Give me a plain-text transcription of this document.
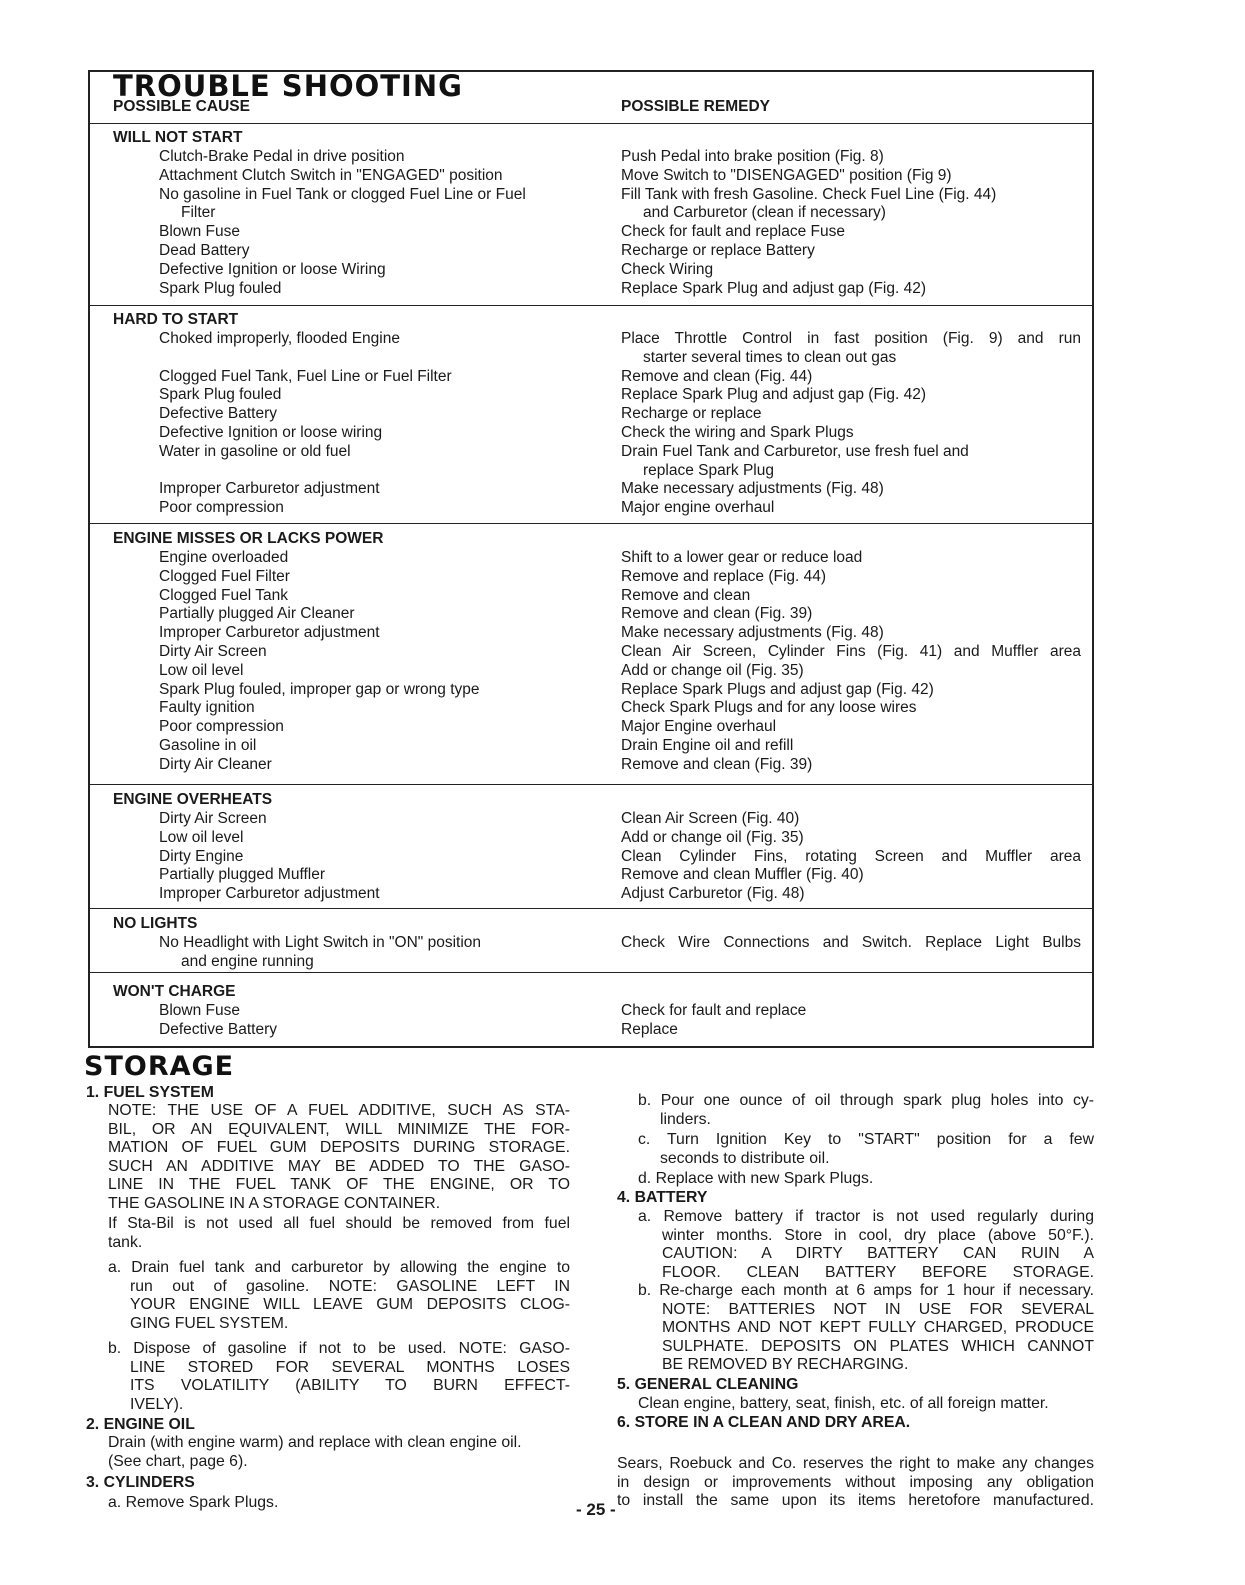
TROUBLE SHOOTING
POSSIBLE CAUSE	POSSIBLE REMEDY
WILL NOT START
Clutch-Brake Pedal in drive position
Attachment Clutch Switch in "ENGAGED" position
No gasoline in Fuel Tank or clogged Fuel Line or Fuel
Filter
Blown Fuse
Dead Battery
Defective Ignition or loose Wiring
Spark Plug fouled
Push Pedal into brake position (Fig. 8)
Move Switch to "DISENGAGED" position (Fig 9)
Fill Tank with fresh Gasoline. Check Fuel Line (Fig. 44)
and Carburetor (clean if necessary)
Check for fault and replace Fuse
Recharge or replace Battery
Check Wiring
Replace Spark Plug and adjust gap (Fig. 42)
HARD TO START
Choked improperly, flooded Engine

Clogged Fuel Tank, Fuel Line or Fuel Filter
Spark Plug fouled
Defective Battery
Defective Ignition or loose wiring
Water in gasoline or old fuel

Improper Carburetor adjustment
Poor compression
Place Throttle Control in fast position (Fig. 9) and run
starter several times to clean out gas
Remove and clean (Fig. 44)
Replace Spark Plug and adjust gap (Fig. 42)
Recharge or replace
Check the wiring and Spark Plugs
Drain Fuel Tank and Carburetor, use fresh fuel and
replace Spark Plug
Make necessary adjustments (Fig. 48)
Major engine overhaul
ENGINE MISSES OR LACKS POWER
Engine overloaded
Clogged Fuel Filter
Clogged Fuel Tank
Partially plugged Air Cleaner
Improper Carburetor adjustment
Dirty Air Screen
Low oil level
Spark Plug fouled, improper gap or wrong type
Faulty ignition
Poor compression
Gasoline in oil
Dirty Air Cleaner
Shift to a lower gear or reduce load
Remove and replace (Fig. 44)
Remove and clean
Remove and clean (Fig. 39)
Make necessary adjustments (Fig. 48)
Clean Air Screen, Cylinder Fins (Fig. 41) and Muffler area
Add or change oil (Fig. 35)
Replace Spark Plugs and adjust gap (Fig. 42)
Check Spark Plugs and for any loose wires
Major Engine overhaul
Drain Engine oil and refill
Remove and clean (Fig. 39)
ENGINE OVERHEATS
Dirty Air Screen
Low oil level
Dirty Engine
Partially plugged Muffler
Improper Carburetor adjustment
Clean Air Screen (Fig. 40)
Add or change oil (Fig. 35)
Clean Cylinder Fins, rotating Screen and Muffler area
Remove and clean Muffler (Fig. 40)
Adjust Carburetor (Fig. 48)
NO LIGHTS
No Headlight with Light Switch in "ON" position
and engine running
Check Wire Connections and Switch. Replace Light Bulbs
WON'T CHARGE
Blown Fuse
Defective Battery
Check for fault and replace
Replace
STORAGE
1. FUEL SYSTEM
NOTE: THE USE OF A FUEL ADDITIVE, SUCH AS STA-
BIL, OR AN EQUIVALENT, WILL MINIMIZE THE FOR-
MATION OF FUEL GUM DEPOSITS DURING STORAGE.
SUCH AN ADDITIVE MAY BE ADDED TO THE GASO-
LINE IN THE FUEL TANK OF THE ENGINE, OR TO
THE GASOLINE IN A STORAGE CONTAINER.
If Sta-Bil is not used all fuel should be removed from fuel
tank.
a. Drain fuel tank and carburetor by allowing the engine to
run out of gasoline. NOTE: GASOLINE LEFT IN
YOUR ENGINE WILL LEAVE GUM DEPOSITS CLOG-
GING FUEL SYSTEM.
b. Dispose of gasoline if not to be used. NOTE: GASO-
LINE STORED FOR SEVERAL MONTHS LOSES
ITS VOLATILITY (ABILITY TO BURN EFFECT-
IVELY).
2. ENGINE OIL
Drain (with engine warm) and replace with clean engine oil.
(See chart, page 6).
3. CYLINDERS
a. Remove Spark Plugs.
b. Pour one ounce of oil through spark plug holes into cy-
linders.
c. Turn Ignition Key to "START" position for a few
seconds to distribute oil.
d. Replace with new Spark Plugs.
4. BATTERY
a. Remove battery if tractor is not used regularly during
winter months. Store in cool, dry place (above 50°F.).
CAUTION: A DIRTY BATTERY CAN RUIN A
FLOOR. CLEAN BATTERY BEFORE STORAGE.
b. Re-charge each month at 6 amps for 1 hour if necessary.
NOTE: BATTERIES NOT IN USE FOR SEVERAL
MONTHS AND NOT KEPT FULLY CHARGED, PRODUCE
SULPHATE. DEPOSITS ON PLATES WHICH CANNOT
BE REMOVED BY RECHARGING.
5. GENERAL CLEANING
Clean engine, battery, seat, finish, etc. of all foreign matter.
6. STORE IN A CLEAN AND DRY AREA.
Sears, Roebuck and Co. reserves the right to make any changes
in design or improvements without imposing any obligation
to install the same upon its items heretofore manufactured.
- 25 -
